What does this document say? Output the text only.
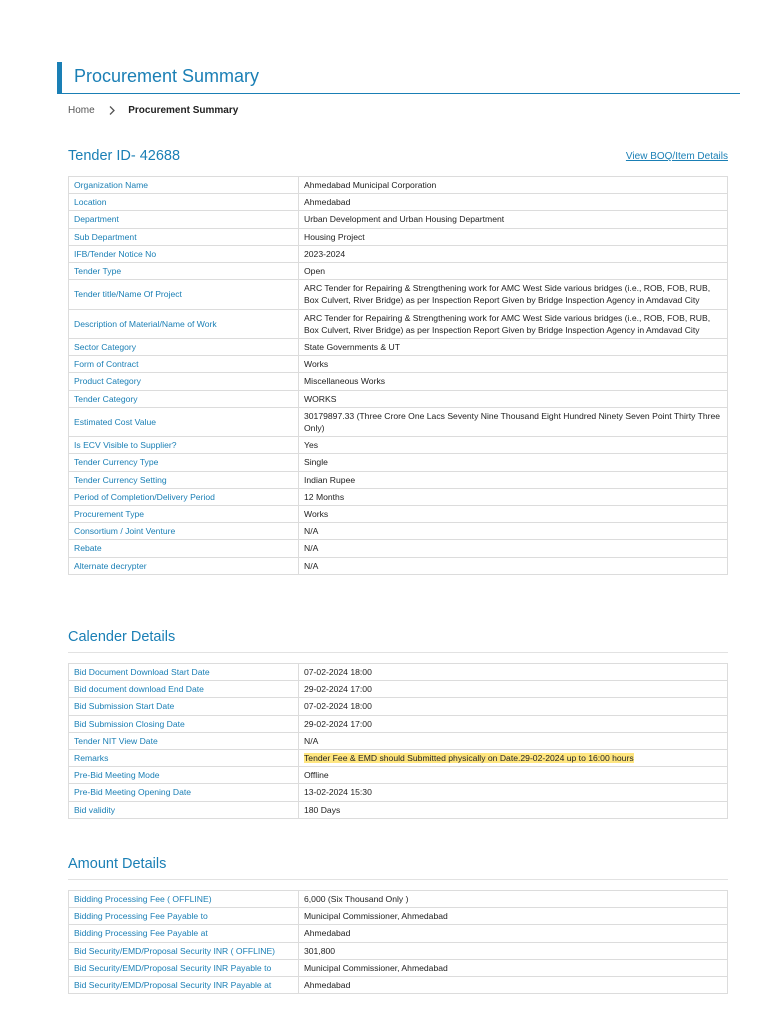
Procurement Summary
Home	Procurement Summary
Tender ID- 42688	View BOQ/Item Details
Organization Name	Ahmedabad Municipal Corporation
Location	Ahmedabad
Department	Urban Development and Urban Housing Department
Sub Department	Housing Project
IFB/Tender Notice No	2023-2024
Tender Type	Open
Tender title/Name Of Project	ARC Tender for Repairing & Strengthening work for AMC West Side various bridges (i.e., ROB, FOB, RUB, Box Culvert, River Bridge) as per Inspection Report Given by Bridge Inspection Agency in Amdavad City
Description of Material/Name of Work	ARC Tender for Repairing & Strengthening work for AMC West Side various bridges (i.e., ROB, FOB, RUB, Box Culvert, River Bridge) as per Inspection Report Given by Bridge Inspection Agency in Amdavad City
Sector Category	State Governments & UT
Form of Contract	Works
Product Category	Miscellaneous Works
Tender Category	WORKS
Estimated Cost Value	30179897.33 (Three Crore One Lacs Seventy Nine Thousand Eight Hundred Ninety Seven Point Thirty Three Only)
Is ECV Visible to Supplier?	Yes
Tender Currency Type	Single
Tender Currency Setting	Indian Rupee
Period of Completion/Delivery Period	12 Months
Procurement Type	Works
Consortium / Joint Venture	N/A
Rebate	N/A
Alternate decrypter	N/A
Calender Details
Bid Document Download Start Date	07-02-2024 18:00
Bid document download End Date	29-02-2024 17:00
Bid Submission Start Date	07-02-2024 18:00
Bid Submission Closing Date	29-02-2024 17:00
Tender NIT View Date	N/A
Remarks	Tender Fee & EMD should Submitted physically on Date.29-02-2024 up to 16:00 hours
Pre-Bid Meeting Mode	Offline
Pre-Bid Meeting Opening Date	13-02-2024 15:30
Bid validity	180 Days
Amount Details
Bidding Processing Fee ( OFFLINE)	6,000 (Six Thousand Only )
Bidding Processing Fee Payable to	Municipal Commissioner, Ahmedabad
Bidding Processing Fee Payable at	Ahmedabad
Bid Security/EMD/Proposal Security INR ( OFFLINE)	301,800
Bid Security/EMD/Proposal Security INR Payable to	Municipal Commissioner, Ahmedabad
Bid Security/EMD/Proposal Security INR Payable at	Ahmedabad
